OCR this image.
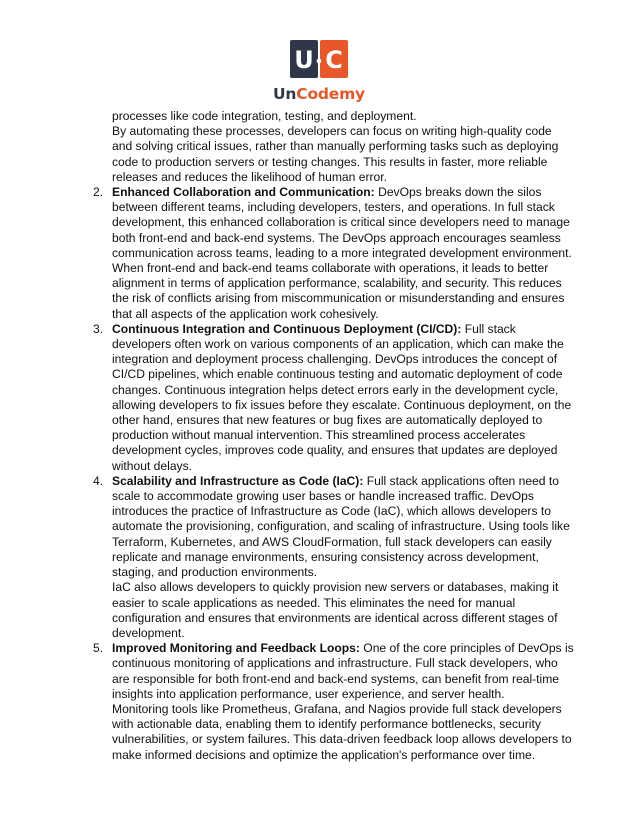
U C
UnCodemy

processes like code integration, testing, and deployment.

By automating these processes, developers can focus on writing high-quality code and solving critical issues, rather than manually performing tasks such as deploying code to production servers or testing changes. This results in faster, more reliable releases and reduces the likelihood of human error.

2. Enhanced Collaboration and Communication: DevOps breaks down the silos between different teams, including developers, testers, and operations. In full stack development, this enhanced collaboration is critical since developers need to manage both front-end and back-end systems. The DevOps approach encourages seamless communication across teams, leading to a more integrated development environment. When front-end and back-end teams collaborate with operations, it leads to better alignment in terms of application performance, scalability, and security. This reduces the risk of conflicts arising from miscommunication or misunderstanding and ensures that all aspects of the application work cohesively.
3. Continuous Integration and Continuous Deployment (CI/CD): Full stack developers often work on various components of an application, which can make the integration and deployment process challenging. DevOps introduces the concept of CI/CD pipelines, which enable continuous testing and automatic deployment of code changes. Continuous integration helps detect errors early in the development cycle, allowing developers to fix issues before they escalate. Continuous deployment, on the other hand, ensures that new features or bug fixes are automatically deployed to production without manual intervention. This streamlined process accelerates development cycles, improves code quality, and ensures that updates are deployed without delays.
4. Scalability and Infrastructure as Code (IaC): Full stack applications often need to scale to accommodate growing user bases or handle increased traffic. DevOps introduces the practice of Infrastructure as Code (IaC), which allows developers to automate the provisioning, configuration, and scaling of infrastructure. Using tools like Terraform, Kubernetes, and AWS CloudFormation, full stack developers can easily replicate and manage environments, ensuring consistency across development, staging, and production environments.

IaC also allows developers to quickly provision new servers or databases, making it easier to scale applications as needed. This eliminates the need for manual configuration and ensures that environments are identical across different stages of development.

5. Improved Monitoring and Feedback Loops: One of the core principles of DevOps is continuous monitoring of applications and infrastructure. Full stack developers, who are responsible for both front-end and back-end systems, can benefit from real-time insights into application performance, user experience, and server health.

Monitoring tools like Prometheus, Grafana, and Nagios provide full stack developers with actionable data, enabling them to identify performance bottlenecks, security vulnerabilities, or system failures. This data-driven feedback loop allows developers to make informed decisions and optimize the application's performance over time.
